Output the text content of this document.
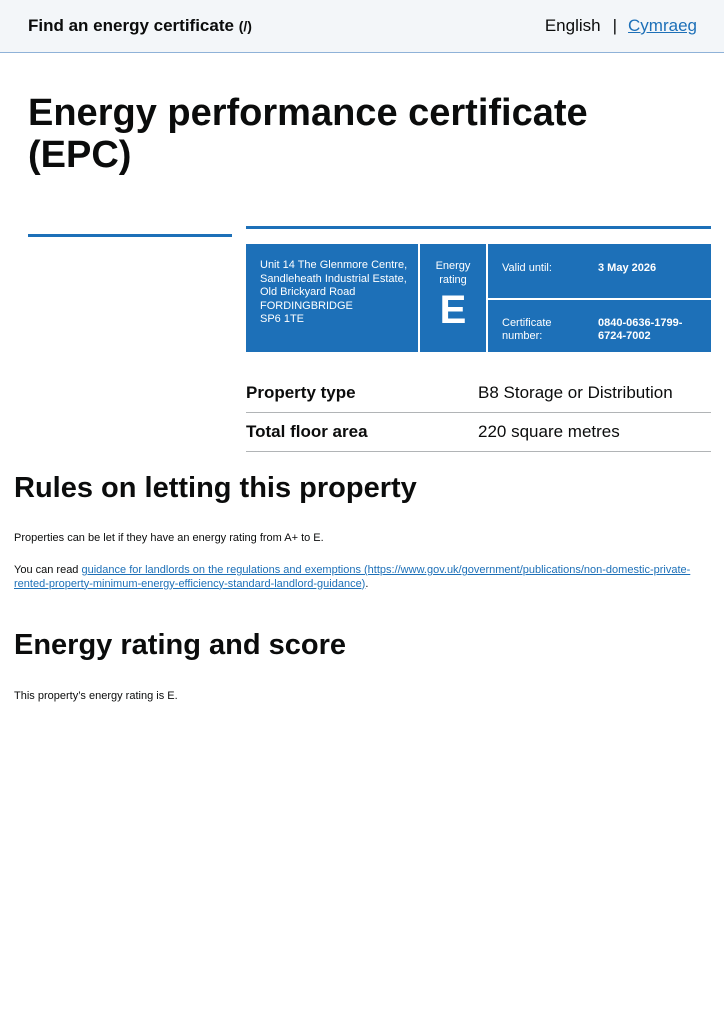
Find an energy certificate (/)	English | Cymraeg
Energy performance certificate (EPC)
Unit 14 The Glenmore Centre,
Sandleheath Industrial Estate,
Old Brickyard Road
FORDINGBRIDGE
SP6 1TE
Energy
rating
E
Valid until:	3 May 2026
Certificate
number:
0840-0636-1799-
6724-7002
Property type	B8 Storage or Distribution
Total floor area	220 square metres
Rules on letting this property

Properties can be let if they have an energy rating from A+ to E.

You can read guidance for landlords on the regulations and exemptions (https://www.gov.uk/government/publications/non-domestic-private-rented-property-minimum-energy-efficiency-standard-landlord-guidance).

Energy rating and score

This property’s energy rating is E.
